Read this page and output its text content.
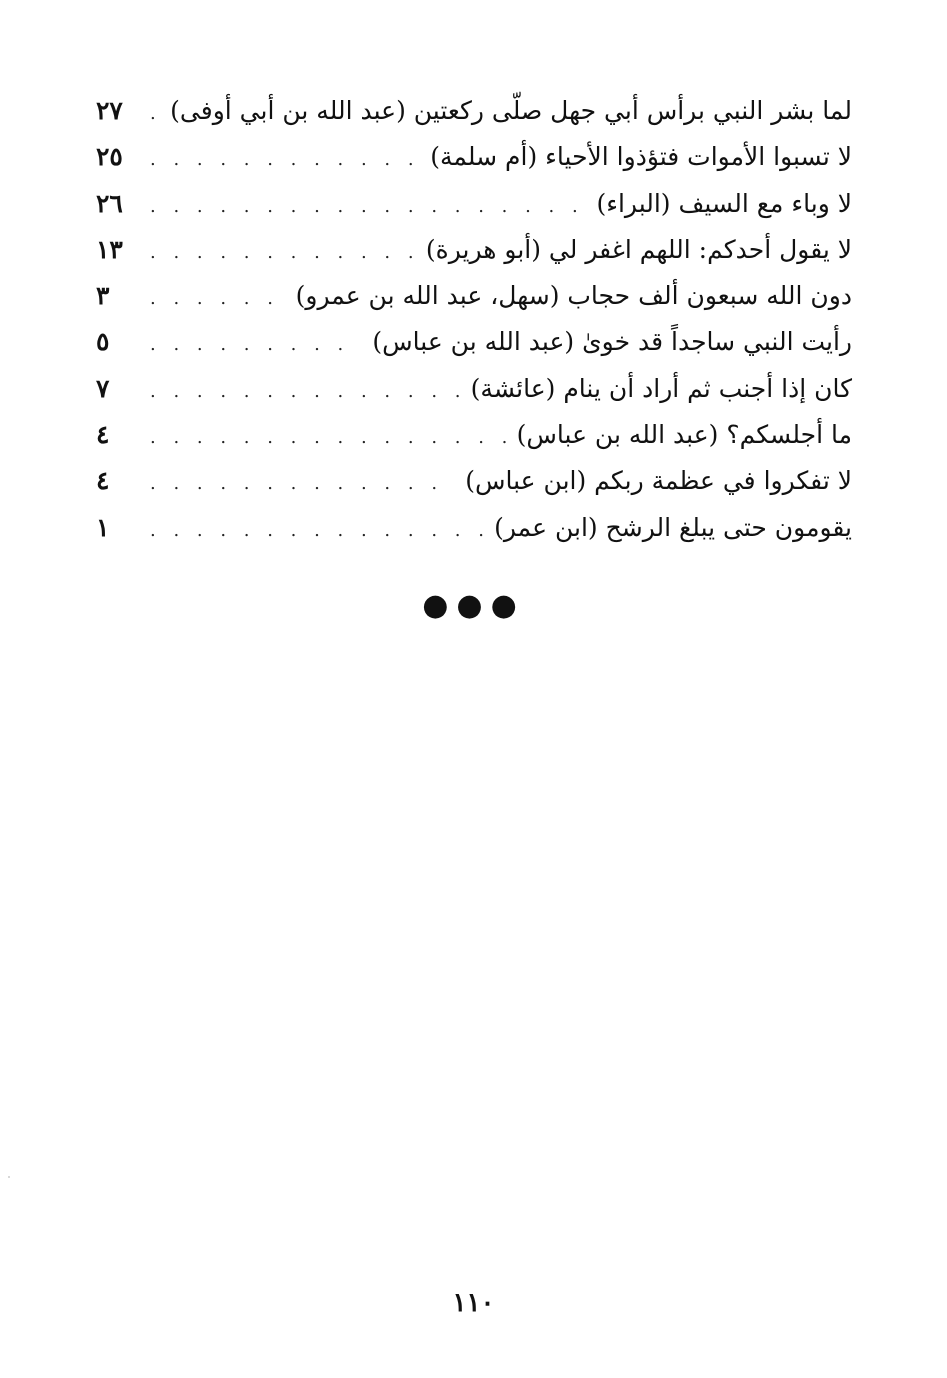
لما بشر النبي برأس أبي جهل صلّى ركعتين (عبد الله بن أبي أوفى)
. . .
٢٧
لا تسبوا الأموات فتؤذوا الأحياء (أم سلمة)
. . .
٢٥
لا وباء مع السيف (البراء)
. . .
٢٦
لا يقول أحدكم: اللهم اغفر لي (أبو هريرة)
. . .
١٣
دون الله سبعون ألف حجاب (سهل، عبد الله بن عمرو)
. . .
٣
رأيت النبي ساجداً قد خوىٰ (عبد الله بن عباس)
. . .
٥
كان إذا أجنب ثم أراد أن ينام (عائشة)
. . .
٧
ما أجلسكم؟ (عبد الله بن عباس)
. . .
٤
لا تفكروا في عظمة ربكم (ابن عباس)
. . .
٤
يقومون حتى يبلغ الرشح (ابن عمر)
. . .
١
●●●
١١٠
